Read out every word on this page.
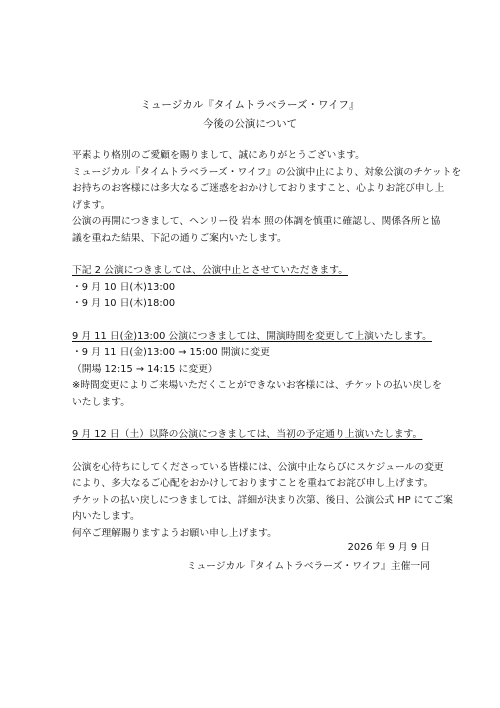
ミュージカル『タイムトラベラーズ・ワイフ』
今後の公演について
平素より格別のご愛顧を賜りまして、誠にありがとうございます。
ミュージカル『タイムトラベラーズ・ワイフ』の公演中止により、対象公演のチケットを
お持ちのお客様には多大なるご迷惑をおかけしておりますこと、心よりお詫び申し上
げます。
公演の再開につきまして、ヘンリー役 岩本 照の体調を慎重に確認し、関係各所と協
議を重ねた結果、下記の通りご案内いたします。
下記 2 公演につきましては、公演中止とさせていただきます。
・9 月 10 日(木)13:00
・9 月 10 日(木)18:00
9 月 11 日(金)13:00 公演につきましては、開演時間を変更して上演いたします。
・9 月 11 日(金)13:00 → 15:00 開演に変更
（開場 12:15 → 14:15 に変更）
※時間変更によりご来場いただくことができないお客様には、チケットの払い戻しを
いたします。
9 月 12 日（土）以降の公演につきましては、当初の予定通り上演いたします。
公演を心待ちにしてくださっている皆様には、公演中止ならびにスケジュールの変更
により、多大なるご心配をおかけしておりますことを重ねてお詫び申し上げます。
チケットの払い戻しにつきましては、詳細が決まり次第、後日、公演公式 HP にてご案
内いたします。
何卒ご理解賜りますようお願い申し上げます。
2026 年 9 月 9 日
ミュージカル『タイムトラベラーズ・ワイフ』主催一同
